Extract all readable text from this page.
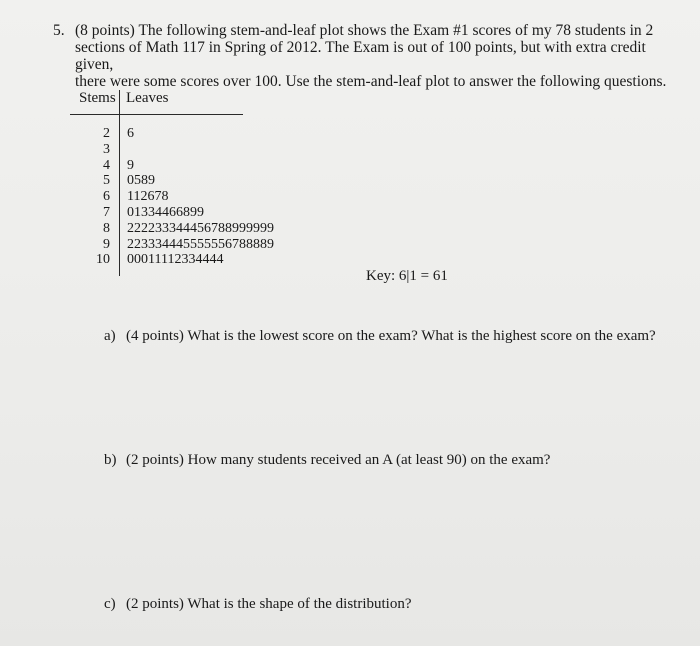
5. (8 points) The following stem-and-leaf plot shows the Exam #1 scores of my 78 students in 2
sections of Math 117 in Spring of 2012. The Exam is out of 100 points, but with extra credit given,
there were some scores over 100. Use the stem-and-leaf plot to answer the following questions.
Stems Leaves
2
3
4
5
6
7
8
9
10
6
9
0589
112678
01334466899
222233344456788999999
223334445555556788889
00011112334444
Key: 6|1 = 61
a) (4 points) What is the lowest score on the exam? What is the highest score on the exam?
b) (2 points) How many students received an A (at least 90) on the exam?
c) (2 points) What is the shape of the distribution?
